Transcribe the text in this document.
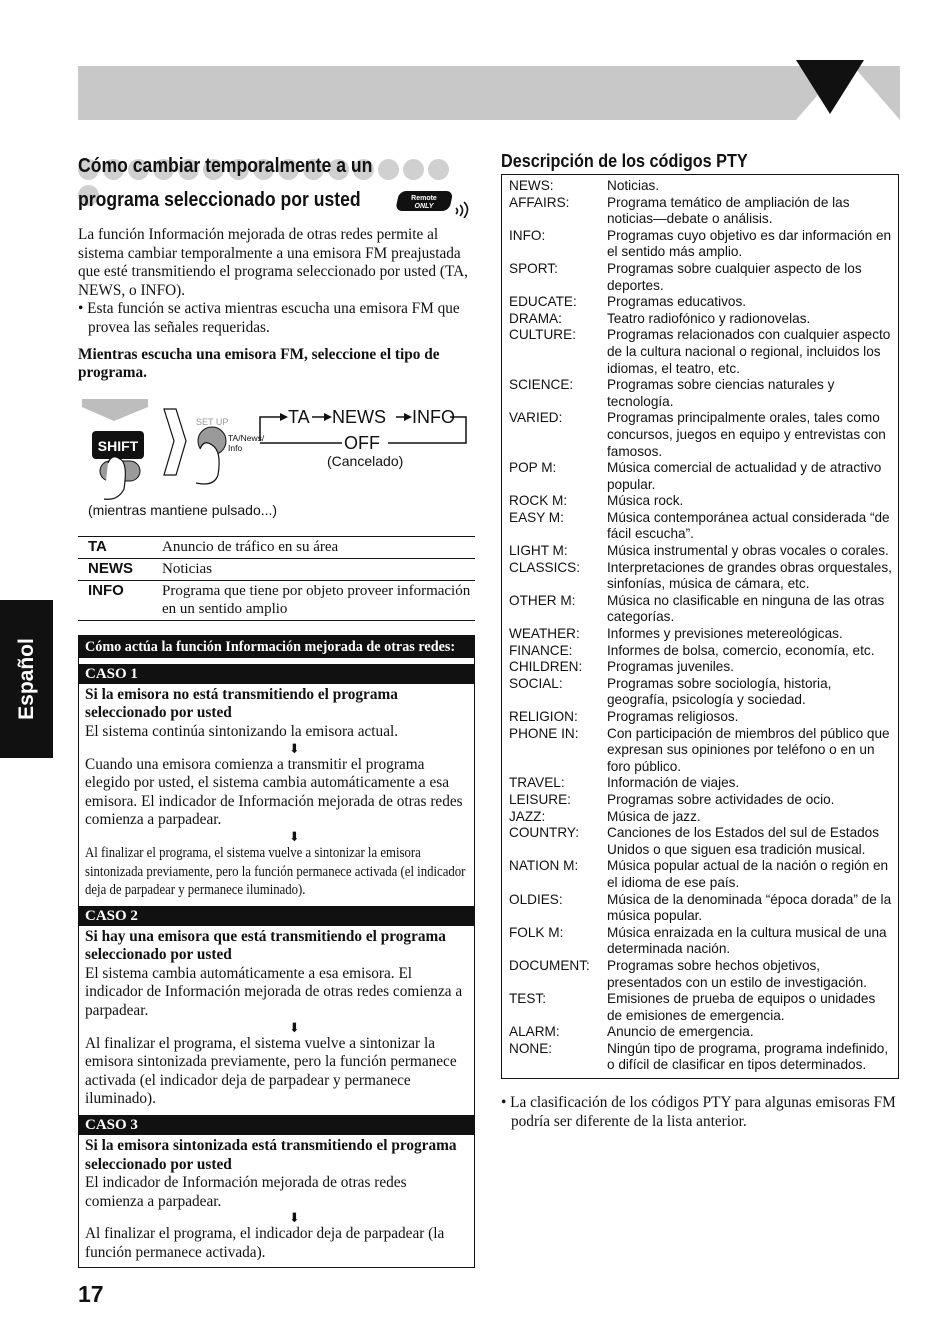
Español
Cómo cambiar temporalmente a un
programa seleccionado por usted	Remote
ONLY

La función Información mejorada de otras redes permite al sistema cambiar temporalmente a una emisora FM preajustada que esté transmitiendo el programa seleccionado por usted (TA, NEWS, o INFO).

• Esta función se activa mientras escucha una emisora FM que provea las señales requeridas.

Mientras escucha una emisora FM, seleccione el tipo de programa.

SHIFT
SET UP
TA/News/
Info
TA NEWS INFO
OFF
(Cancelado)
(mientras mantiene pulsado...)
TA	Anuncio de tráfico en su área
NEWS	Noticias
INFO	Programa que tiene por objeto proveer información en un sentido amplio
Cómo actúa la función Información mejorada de otras redes:
CASO 1

Si la emisora no está transmitiendo el programa seleccionado por usted

El sistema continúa sintonizando la emisora actual.

⬇

Cuando una emisora comienza a transmitir el programa elegido por usted, el sistema cambia automáticamente a esa emisora. El indicador de Información mejorada de otras redes comienza a parpadear.

⬇

Al finalizar el programa, el sistema vuelve a sintonizar la emisora sintonizada previamente, pero la función permanece activada (el indicador deja de parpadear y permanece iluminado).

CASO 2

Si hay una emisora que está transmitiendo el programa seleccionado por usted

El sistema cambia automáticamente a esa emisora. El indicador de Información mejorada de otras redes comienza a parpadear.

⬇

Al finalizar el programa, el sistema vuelve a sintonizar la emisora sintonizada previamente, pero la función permanece activada (el indicador deja de parpadear y permanece iluminado).

CASO 3

Si la emisora sintonizada está transmitiendo el programa seleccionado por usted

El indicador de Información mejorada de otras redes comienza a parpadear.

⬇

Al finalizar el programa, el indicador deja de parpadear (la función permanece activada).

Descripción de los códigos PTY
NEWS:	Noticias.
AFFAIRS:	Programa temático de ampliación de las noticias—debate o análisis.
INFO:	Programas cuyo objetivo es dar información en el sentido más amplio.
SPORT:	Programas sobre cualquier aspecto de los deportes.
EDUCATE:	Programas educativos.
DRAMA:	Teatro radiofónico y radionovelas.
CULTURE:	Programas relacionados con cualquier aspecto de la cultura nacional o regional, incluidos los idiomas, el teatro, etc.
SCIENCE:	Programas sobre ciencias naturales y tecnología.
VARIED:	Programas principalmente orales, tales como concursos, juegos en equipo y entrevistas con famosos.
POP M:	Música comercial de actualidad y de atractivo popular.
ROCK M:	Música rock.
EASY M:	Música contemporánea actual considerada “de fácil escucha”.
LIGHT M:	Música instrumental y obras vocales o corales.
CLASSICS:	Interpretaciones de grandes obras orquestales, sinfonías, música de cámara, etc.
OTHER M:	Música no clasificable en ninguna de las otras categorías.
WEATHER:	Informes y previsiones metereológicas.
FINANCE:	Informes de bolsa, comercio, economía, etc.
CHILDREN:	Programas juveniles.
SOCIAL:	Programas sobre sociología, historia, geografía, psicología y sociedad.
RELIGION:	Programas religiosos.
PHONE IN:	Con participación de miembros del público que expresan sus opiniones por teléfono o en un foro público.
TRAVEL:	Información de viajes.
LEISURE:	Programas sobre actividades de ocio.
JAZZ:	Música de jazz.
COUNTRY:	Canciones de los Estados del sul de Estados Unidos o que siguen esa tradición musical.
NATION M:	Música popular actual de la nación o región en el idioma de ese país.
OLDIES:	Música de la denominada “época dorada” de la música popular.
FOLK M:	Música enraizada en la cultura musical de una determinada nación.
DOCUMENT:	Programas sobre hechos objetivos, presentados con un estilo de investigación.
TEST:	Emisiones de prueba de equipos o unidades de emisiones de emergencia.
ALARM:	Anuncio de emergencia.
NONE:	Ningún tipo de programa, programa indefinido, o difícil de clasificar en tipos determinados.

• La clasificación de los códigos PTY para algunas emisoras FM podría ser diferente de la lista anterior.

17
